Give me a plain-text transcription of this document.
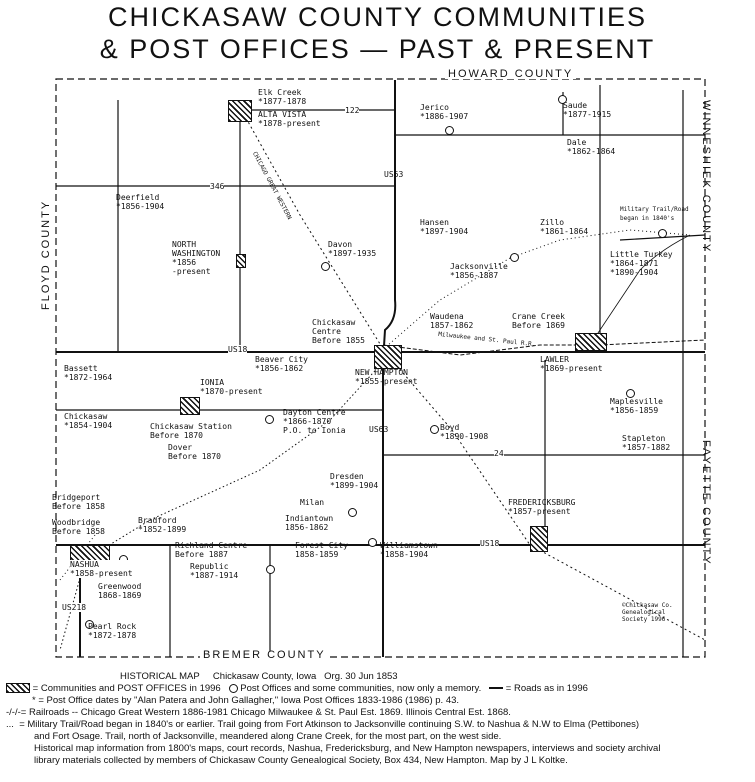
CHICKASAW COUNTY COMMUNITIES
& POST OFFICES — PAST & PRESENT
HOWARD COUNTY
BREMER COUNTY
FLOYD COUNTY
WINNESHIEK COUNTY
FAYETTE COUNTY
US63
US63
US18
US18
US218
346
122
24
CHICAGO GREAT WESTERN
Milwaukee and St. Paul R.R.
Military Trail/Road
began in 1840's
Elk Creek
*1877-1878
ALTA VISTA
*1878-present
Jerico
*1886-1907
Saude
*1877-1915
Dale
*1862-1864
Deerfield
*1856-1904
NORTH
WASHINGTON
*1856
-present
Davon
*1897-1935
Hansen
*1897-1904
Zillo
*1861-1864
Jacksonville
*1856-1887
Little Turkey
*1864-1871
*1890-1904
Chickasaw
Centre
Before 1855
Waudena
1857-1862
Crane Creek
Before 1869
Beaver City
*1856-1862	NEW HAMPTON
*1855-present
LAWLER
*1869-present
Bassett
*1872-1964
IONIA
*1870-present
Maplesville
*1856-1859
Chickasaw
*1854-1904	Chickasaw Station
Before 1870
Dayton Centre
*1866-1870
P.O. to Ionia	Boyd
*1890-1908	Stapleton
*1857-1882
Dover
Before 1870
Dresden
*1899-1904
Milan
Bridgeport
Before 1858
Woodbridge
Before 1858
Indiantown
1856-1862
FREDERICKSBURG
*1857-present
Bradford
*1852-1899
Richland Centre
Before 1887
Forest City
1858-1859
Williamstown
*1858-1904
Republic
*1887-1914
NASHUA
*1858-present
Greenwood
1868-1869
Pearl Rock
*1872-1878
©Chickasaw Co.
Genealogical
Society 1996
HISTORICAL MAP Chickasaw County, Iowa Org. 30 Jun 1853
= Communities and POST OFFICES in 1996 Post Offices and some communities, now only a memory.	= Roads as in 1996
* = Post Office dates by "Alan Patera and John Gallagher," Iowa Post Offices 1833-1986 (1986) p. 43.
-/-/-= Railroads -- Chicago Great Western 1886-1981 Chicago Milwaukee & St. Paul Est. 1869. Illinois Central Est. 1868.
... = Military Trail/Road began in 1840's or earlier. Trail going from Fort Atkinson to Jacksonville continuing S.W. to Nashua & N.W to Elma (Pettibones)
and Fort Osage. Trail, north of Jacksonville, meandered along Crane Creek, for the most part, on the west side.
Historical map information from 1800's maps, court records, Nashua, Fredericksburg, and New Hampton newspapers, interviews and society archival
library materials collected by members of Chickasaw County Genealogical Society, Box 434, New Hampton. Map by J L Koltke.
